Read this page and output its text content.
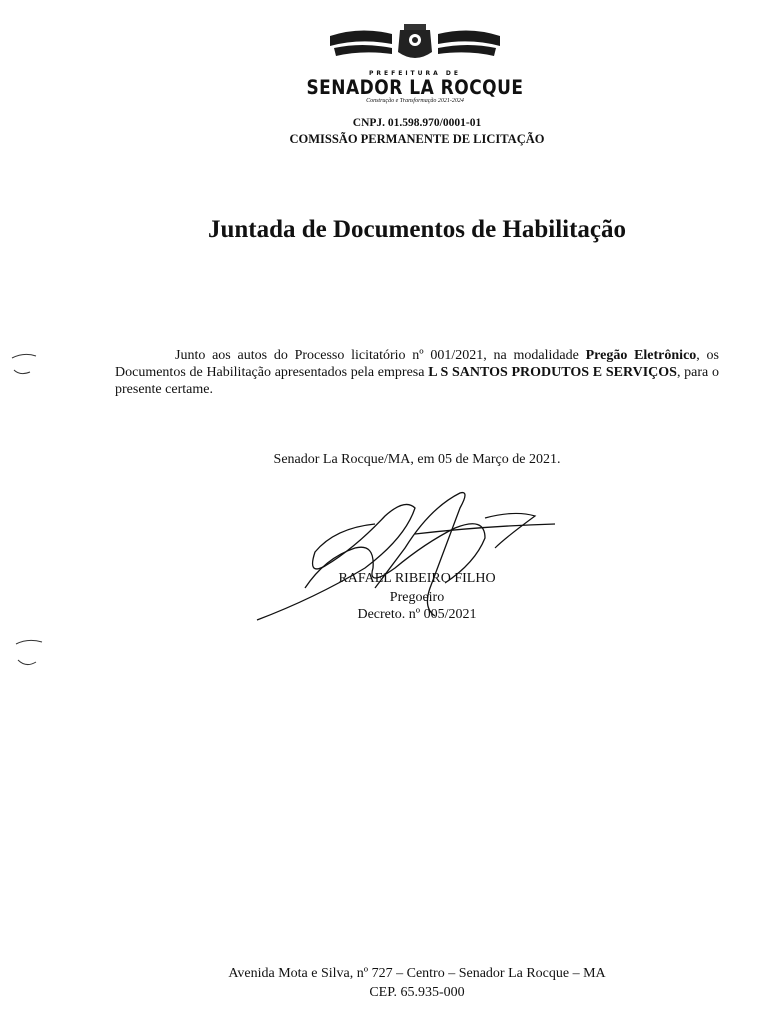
PREFEITURA DE
SENADOR LA ROCQUE
Construção e Transformação 2021-2024
CNPJ. 01.598.970/0001-01
COMISSÃO PERMANENTE DE LICITAÇÃO
Juntada de Documentos de Habilitação

Junto aos autos do Processo licitatório nº 001/2021, na modalidade Pregão Eletrônico, os Documentos de Habilitação apresentados pela empresa L S SANTOS PRODUTOS E SERVIÇOS, para o presente certame.

Senador La Rocque/MA, em 05 de Março de 2021.
RAFAEL RIBEIRO FILHO
Pregoeiro
Decreto. nº 005/2021
Avenida Mota e Silva, nº 727 – Centro – Senador La Rocque – MA
CEP. 65.935-000
